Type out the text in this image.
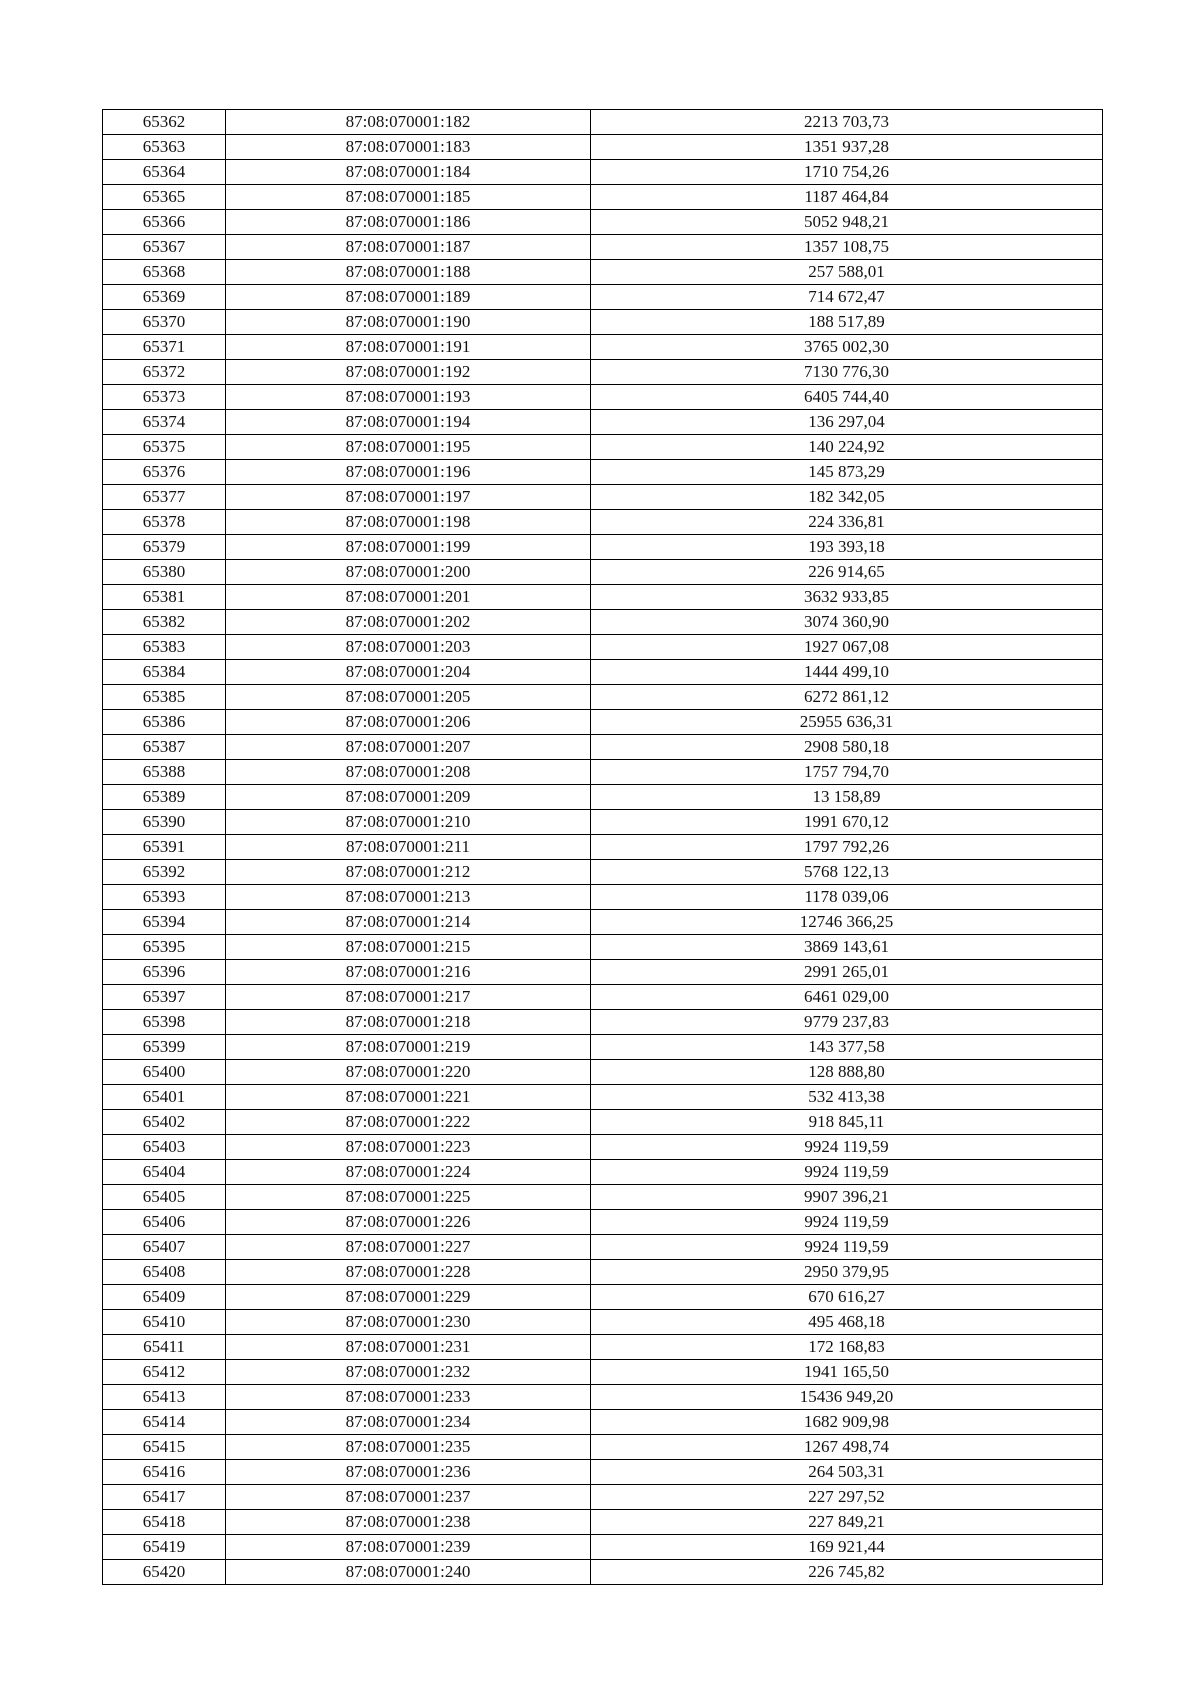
65362	87:08:070001:182	2213 703,73
65363	87:08:070001:183	1351 937,28
65364	87:08:070001:184	1710 754,26
65365	87:08:070001:185	1187 464,84
65366	87:08:070001:186	5052 948,21
65367	87:08:070001:187	1357 108,75
65368	87:08:070001:188	257 588,01
65369	87:08:070001:189	714 672,47
65370	87:08:070001:190	188 517,89
65371	87:08:070001:191	3765 002,30
65372	87:08:070001:192	7130 776,30
65373	87:08:070001:193	6405 744,40
65374	87:08:070001:194	136 297,04
65375	87:08:070001:195	140 224,92
65376	87:08:070001:196	145 873,29
65377	87:08:070001:197	182 342,05
65378	87:08:070001:198	224 336,81
65379	87:08:070001:199	193 393,18
65380	87:08:070001:200	226 914,65
65381	87:08:070001:201	3632 933,85
65382	87:08:070001:202	3074 360,90
65383	87:08:070001:203	1927 067,08
65384	87:08:070001:204	1444 499,10
65385	87:08:070001:205	6272 861,12
65386	87:08:070001:206	25955 636,31
65387	87:08:070001:207	2908 580,18
65388	87:08:070001:208	1757 794,70
65389	87:08:070001:209	13 158,89
65390	87:08:070001:210	1991 670,12
65391	87:08:070001:211	1797 792,26
65392	87:08:070001:212	5768 122,13
65393	87:08:070001:213	1178 039,06
65394	87:08:070001:214	12746 366,25
65395	87:08:070001:215	3869 143,61
65396	87:08:070001:216	2991 265,01
65397	87:08:070001:217	6461 029,00
65398	87:08:070001:218	9779 237,83
65399	87:08:070001:219	143 377,58
65400	87:08:070001:220	128 888,80
65401	87:08:070001:221	532 413,38
65402	87:08:070001:222	918 845,11
65403	87:08:070001:223	9924 119,59
65404	87:08:070001:224	9924 119,59
65405	87:08:070001:225	9907 396,21
65406	87:08:070001:226	9924 119,59
65407	87:08:070001:227	9924 119,59
65408	87:08:070001:228	2950 379,95
65409	87:08:070001:229	670 616,27
65410	87:08:070001:230	495 468,18
65411	87:08:070001:231	172 168,83
65412	87:08:070001:232	1941 165,50
65413	87:08:070001:233	15436 949,20
65414	87:08:070001:234	1682 909,98
65415	87:08:070001:235	1267 498,74
65416	87:08:070001:236	264 503,31
65417	87:08:070001:237	227 297,52
65418	87:08:070001:238	227 849,21
65419	87:08:070001:239	169 921,44
65420	87:08:070001:240	226 745,82
